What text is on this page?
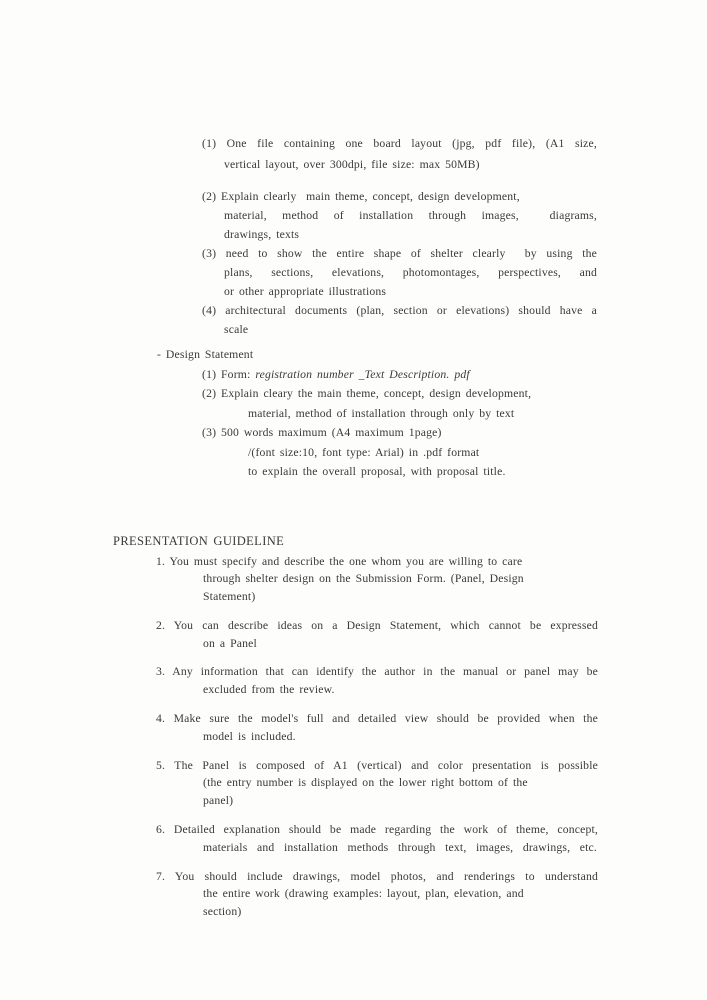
(1) One file containing one board layout (jpg, pdf file), (A1 size,
vertical layout, over 300dpi, file size: max 50MB)
(2) Explain clearly  main theme, concept, design development,
material, method of installation through images,  diagrams,
drawings, texts
(3) need to show the entire shape of shelter clearly  by using the
plans, sections, elevations, photomontages, perspectives, and
or other appropriate illustrations
(4) architectural documents (plan, section or elevations) should have a
scale
- Design Statement
(1) Form: registration number _Text Description. pdf
(2) Explain cleary the main theme, concept, design development,
material, method of installation through only by text
(3) 500 words maximum (A4 maximum 1page)
/(font size:10, font type: Arial) in .pdf format
to explain the overall proposal, with proposal title.
PRESENTATION GUIDELINE
1. You must specify and describe the one whom you are willing to care
through shelter design on the Submission Form. (Panel, Design
Statement)
2. You can describe ideas on a Design Statement, which cannot be expressed
on a Panel
3. Any information that can identify the author in the manual or panel may be
excluded from the review.
4. Make sure the model's full and detailed view should be provided when the
model is included.
5. The Panel is composed of A1 (vertical) and color presentation is possible
(the entry number is displayed on the lower right bottom of the
panel)
6. Detailed explanation should be made regarding the work of theme, concept,
materials and installation methods through text, images, drawings, etc.
7. You should include drawings, model photos, and renderings to understand
the entire work (drawing examples: layout, plan, elevation, and
section)
